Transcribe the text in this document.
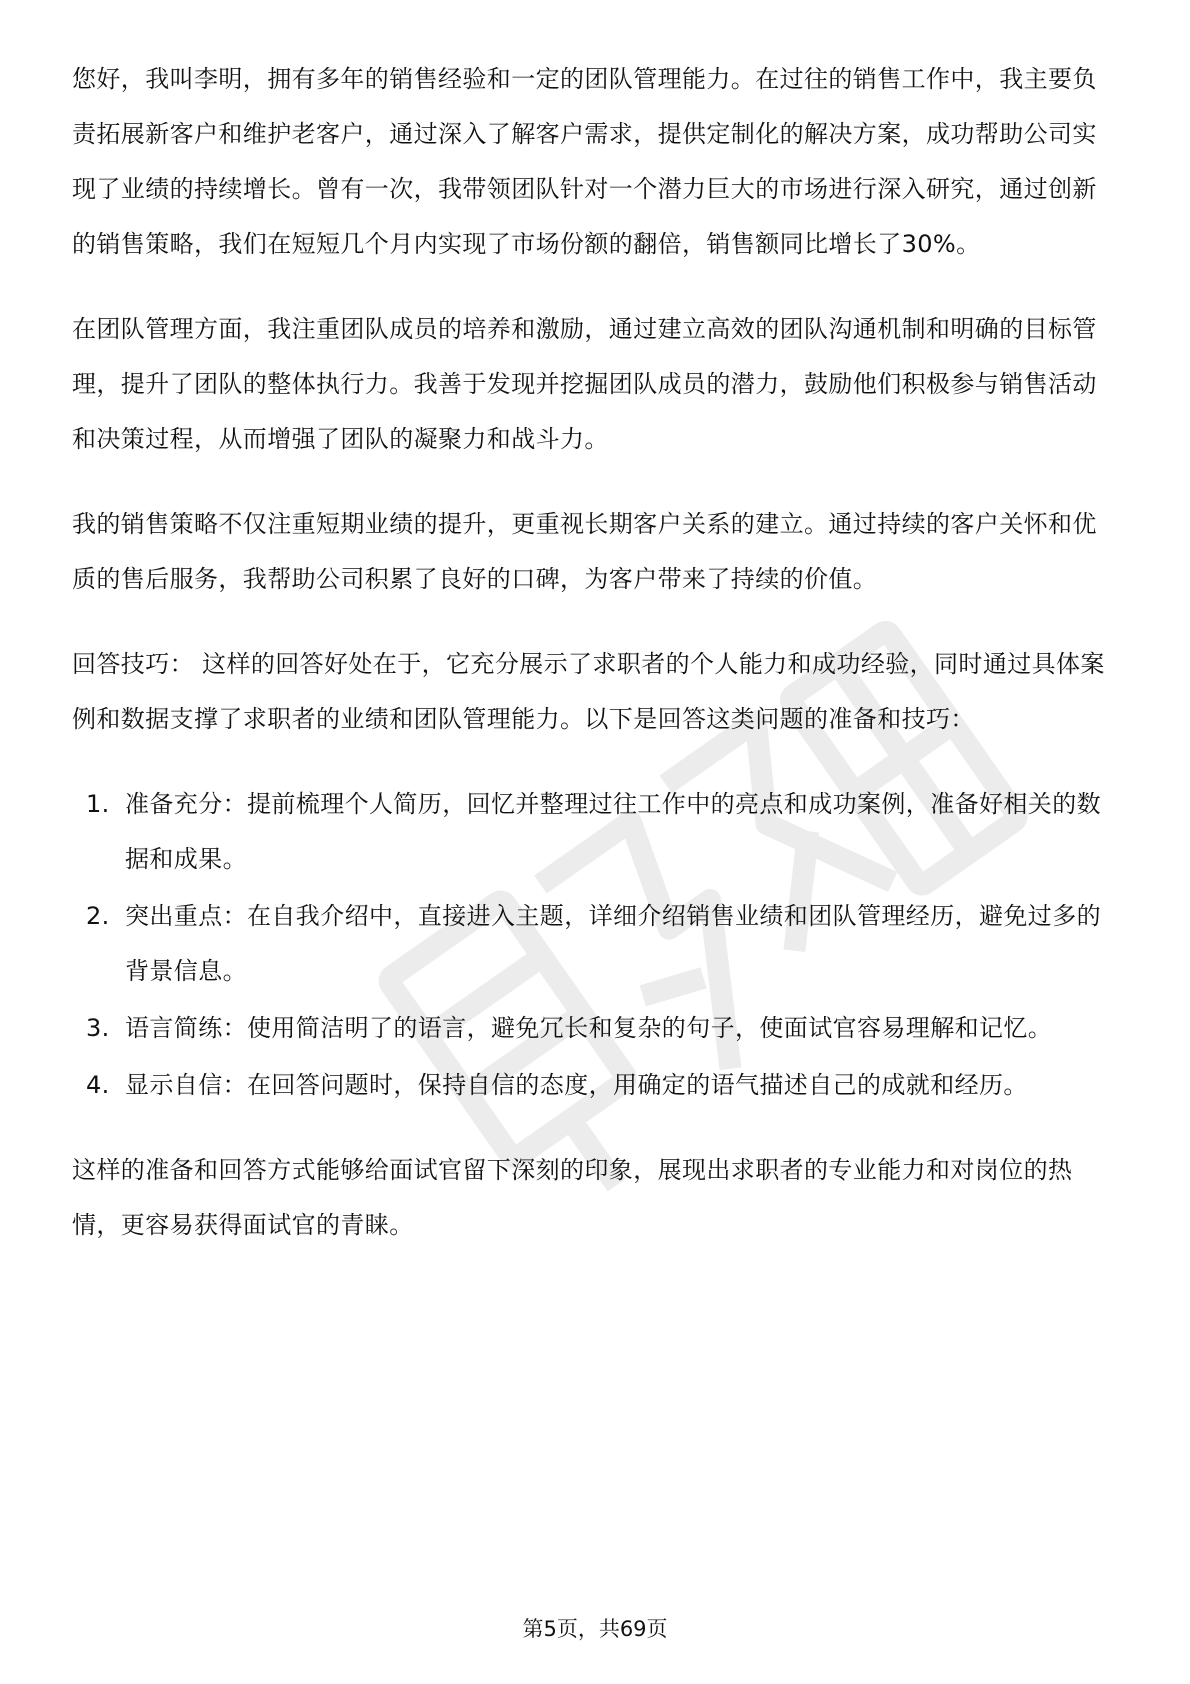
您好，我叫李明，拥有多年的销售经验和一定的团队管理能力。在过往的销售工作中，我主要负责拓展新客户和维护老客户，通过深入了解客户需求，提供定制化的解决方案，成功帮助公司实现了业绩的持续增长。曾有一次，我带领团队针对一个潜力巨大的市场进行深入研究，通过创新的销售策略，我们在短短几个月内实现了市场份额的翻倍，销售额同比增长了30%。

在团队管理方面，我注重团队成员的培养和激励，通过建立高效的团队沟通机制和明确的目标管理，提升了团队的整体执行力。我善于发现并挖掘团队成员的潜力，鼓励他们积极参与销售活动和决策过程，从而增强了团队的凝聚力和战斗力。

我的销售策略不仅注重短期业绩的提升，更重视长期客户关系的建立。通过持续的客户关怀和优质的售后服务，我帮助公司积累了良好的口碑，为客户带来了持续的价值。

回答技巧： 这样的回答好处在于，它充分展示了求职者的个人能力和成功经验，同时通过具体案例和数据支撑了求职者的业绩和团队管理能力。以下是回答这类问题的准备和技巧：

1. 准备充分：提前梳理个人简历，回忆并整理过往工作中的亮点和成功案例，准备好相关的数据和成果。
2. 突出重点：在自我介绍中，直接进入主题，详细介绍销售业绩和团队管理经历，避免过多的背景信息。
3. 语言简练：使用简洁明了的语言，避免冗长和复杂的句子，使面试官容易理解和记忆。
4. 显示自信：在回答问题时，保持自信的态度，用确定的语气描述自己的成就和经历。

这样的准备和回答方式能够给面试官留下深刻的印象，展现出求职者的专业能力和对岗位的热情，更容易获得面试官的青睐。

第5页，共69页
